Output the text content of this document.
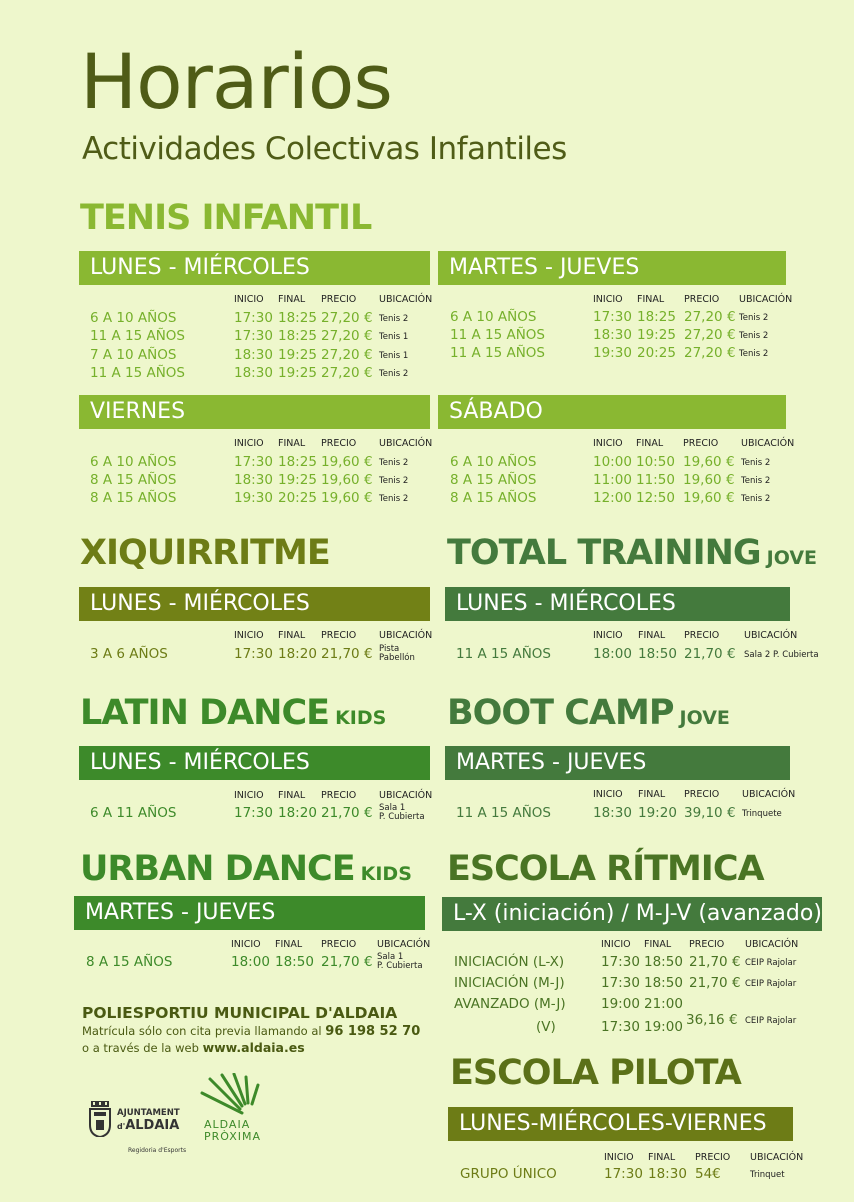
Horarios
Actividades Colectivas Infantiles
TENIS INFANTIL
LUNES - MIÉRCOLES	MARTES - JUEVES
VIERNES	SÁBADO
XIQUIRRITME	TOTAL TRAINING JOVE
LUNES - MIÉRCOLES	LUNES - MIÉRCOLES
LATIN DANCE KIDS BOOT CAMP JOVE
LUNES - MIÉRCOLES	MARTES - JUEVES
URBAN DANCE KIDS ESCOLA RÍTMICA
MARTES - JUEVES	L-X (iniciación) / M-J-V (avanzado)
ESCOLA PILOTA
LUNES-MIÉRCOLES-VIERNES
POLIESPORTIU MUNICIPAL D'ALDAIA
Matrícula sólo con cita previa llamando al 96 198 52 70
o a través de la web www.aldaia.es
AJUNTAMENT
d'ALDAIA
Regidoria d'Esports
ALDAIA
PRÒXIMA
INICIO FINAL PRECIO UBICACIÓN
6 A 10 AÑOS	17:30 18:25 27,20 € Tenis 2
11 A 15 AÑOS	17:30 18:25 27,20 € Tenis 1
7 A 10 AÑOS	18:30 19:25 27,20 € Tenis 1
11 A 15 AÑOS	18:30 19:25 27,20 € Tenis 2
INICIO FINAL PRECIO UBICACIÓN
6 A 10 AÑOS	17:30 18:25 27,20 € Tenis 2
11 A 15 AÑOS	18:30 19:25 27,20 € Tenis 2
11 A 15 AÑOS	19:30 20:25 27,20 € Tenis 2
INICIO FINAL PRECIO UBICACIÓN
6 A 10 AÑOS	17:30 18:25 19,60 € Tenis 2
8 A 15 AÑOS	18:30 19:25 19,60 € Tenis 2
8 A 15 AÑOS	19:30 20:25 19,60 € Tenis 2
INICIO FINAL PRECIO UBICACIÓN
6 A 10 AÑOS	10:00 10:50 19,60 € Tenis 2
8 A 15 AÑOS	11:00 11:50 19,60 € Tenis 2
8 A 15 AÑOS	12:00 12:50 19,60 € Tenis 2
INICIO FINAL PRECIO UBICACIÓN
3 A 6 AÑOS	17:30 18:20 21,70 € Pista
Pabellón
INICIO FINAL PRECIO	UBICACIÓN
11 A 15 AÑOS	18:00 18:50 21,70 € Sala 2 P. Cubierta
INICIO FINAL PRECIO UBICACIÓN
6 A 11 AÑOS	17:30 18:20 21,70 € Sala 1
P. Cubierta
INICIO FINAL PRECIO UBICACIÓN
11 A 15 AÑOS	18:30 19:20 39,10 € Trinquete
INICIO FINAL PRECIO UBICACIÓN
8 A 15 AÑOS	18:00 18:50 21,70 € Sala 1
P. Cubierta
INICIO FINAL PRECIO UBICACIÓN
GRUPO ÚNICO	17:30 18:30 54€	Trinquet
INICIO FINAL PRECIO UBICACIÓN
INICIACIÓN (L-X)	17:30 18:50 21,70 € CEIP Rajolar
INICIACIÓN (M-J)	17:30 18:50 21,70 € CEIP Rajolar
AVANZADO (M-J)	19:00 21:00
(V)	17:30 19:00 36,16 € CEIP Rajolar
